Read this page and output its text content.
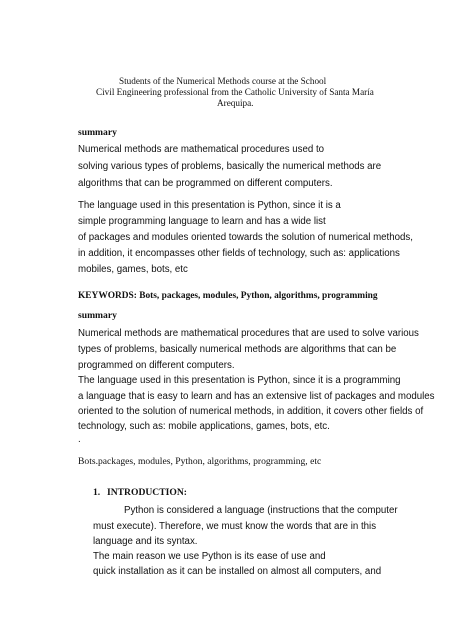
Students of the Numerical Methods course at the School
Civil Engineering professional from the Catholic University of Santa María
Arequipa.
summary
Numerical methods are mathematical procedures used to
solving various types of problems, basically the numerical methods are
algorithms that can be programmed on different computers.
The language used in this presentation is Python, since it is a
simple programming language to learn and has a wide list
of packages and modules oriented towards the solution of numerical methods,
in addition, it encompasses other fields of technology, such as: applications
mobiles, games, bots, etc
KEYWORDS: Bots, packages, modules, Python, algorithms, programming
summary
Numerical methods are mathematical procedures that are used to solve various
types of problems, basically numerical methods are algorithms that can be
programmed on different computers.
The language used in this presentation is Python, since it is a programming
a language that is easy to learn and has an extensive list of packages and modules
oriented to the solution of numerical methods, in addition, it covers other fields of
technology, such as: mobile applications, games, bots, etc.
.
Bots.packages, modules, Python, algorithms, programming, etc
1. INTRODUCTION:
Python is considered a language (instructions that the computer
must execute). Therefore, we must know the words that are in this
language and its syntax.
The main reason we use Python is its ease of use and
quick installation as it can be installed on almost all computers, and
